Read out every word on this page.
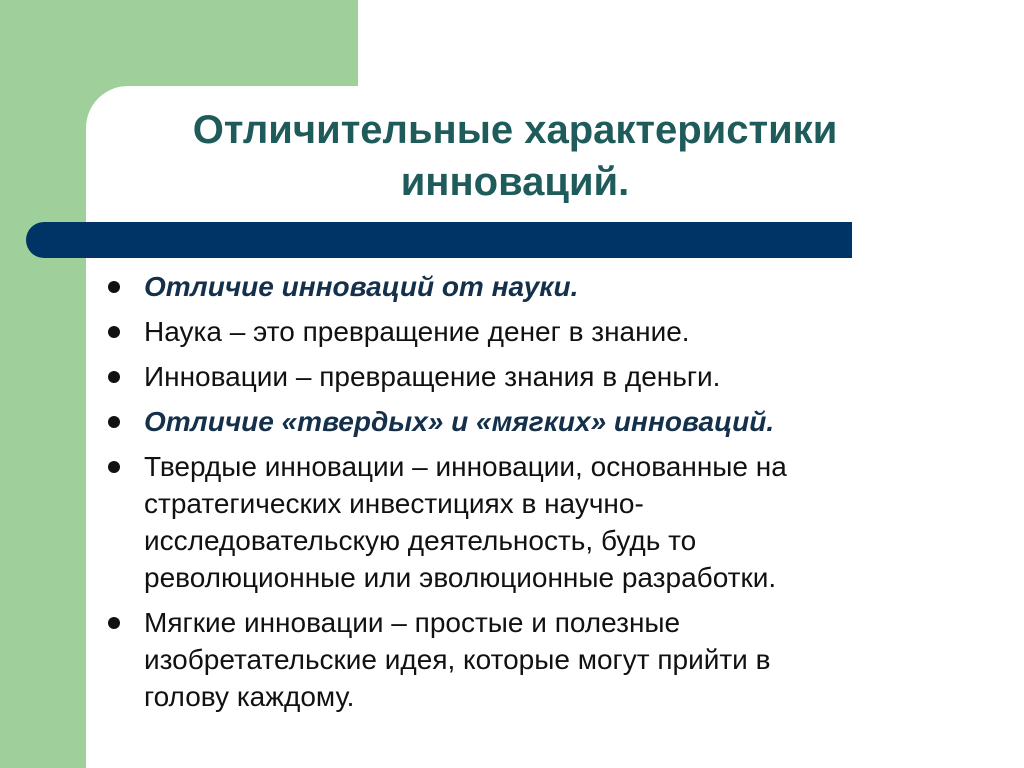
Отличительные характеристики
инноваций.
Отличие инноваций от науки.
Наука – это превращение денег в знание.
Инновации – превращение знания в деньги.
Отличие «твердых» и «мягких» инноваций.
Твердые инновации – инновации, основанные на
стратегических инвестициях в научно-
исследовательскую деятельность, будь то
революционные или эволюционные разработки.
Мягкие инновации – простые и полезные
изобретательские идея, которые могут прийти в
голову каждому.
